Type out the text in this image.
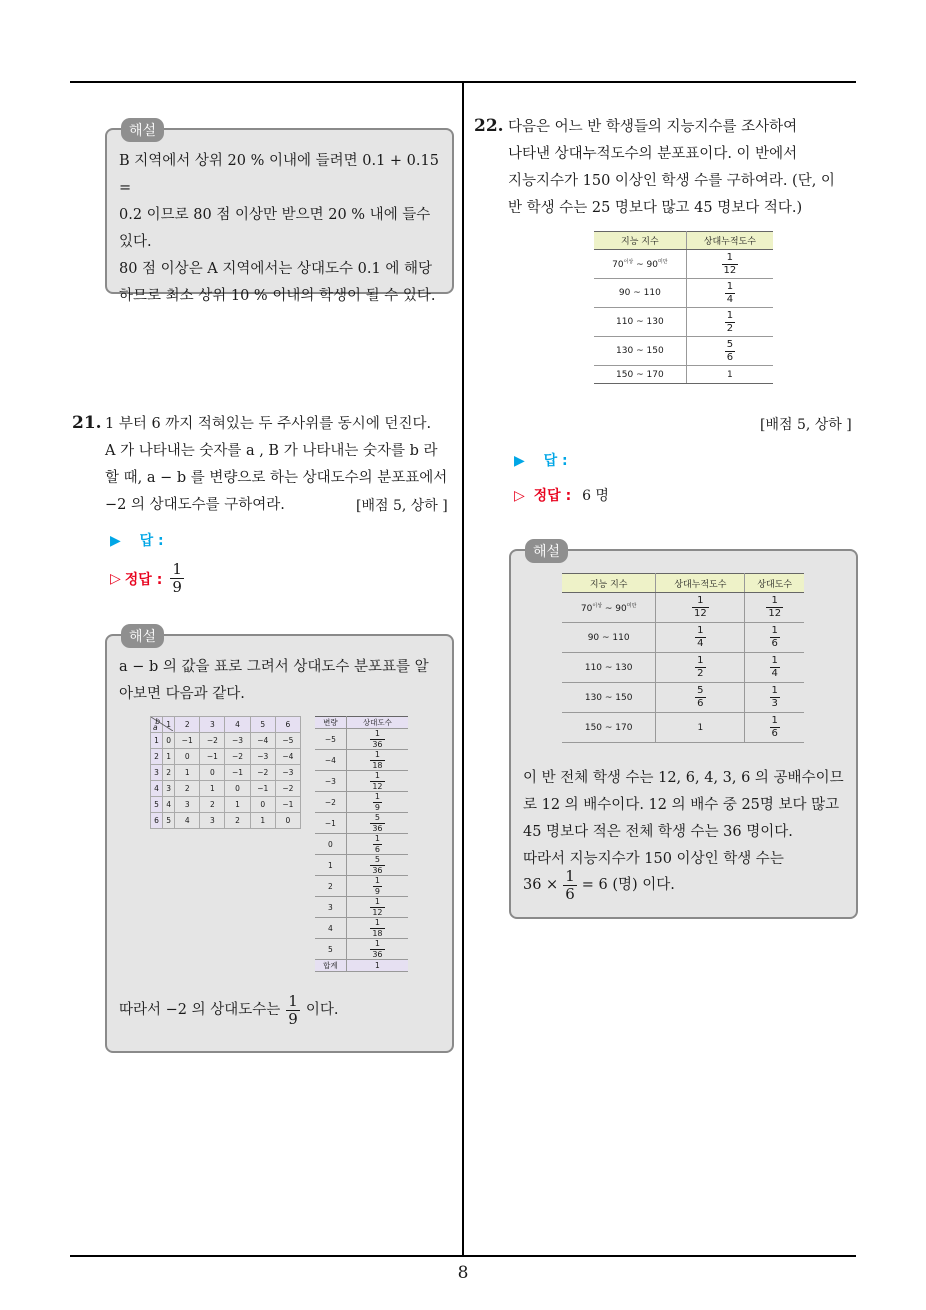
8
해설
B 지역에서 상위 20 % 이내에 들려면 0.1 + 0.15 =
0.2 이므로 80 점 이상만 받으면 20 % 내에 들수
있다.
80 점 이상은 A 지역에서는 상대도수 0.1 에 해당
하므로 최소 상위 10 % 이내의 학생이 될 수 있다.
21. 1 부터 6 까지 적혀있는 두 주사위를 동시에 던진다.
A 가 나타내는 숫자를 a , B 가 나타내는 숫자를 b 라
할 때, a − b 를 변량으로 하는 상대도수의 분포표에서
−2 의 상대도수를 구하여라.	[배점 5, 상하 ]
▶ 답 :
▷ 정답 : $\frac{1}{9}$
해설
a − b 의 값을 표로 그려서 상대도수 분포표를 알
아보면 다음과 같다.
따라서 −2 의 상대도수는 $\frac{1}{9}$ 이다.
a
b	1	2	3	4	5	6
1	0	−1	−2	−3	−4	−5
2	1	0	−1	−2	−3	−4
3	2	1	0	−1	−2	−3
4	3	2	1	0	−1	−2
5	4	3	2	1	0	−1
6	5	4	3	2	1	0
변량	상대도수
−5	$\frac{1}{36}$

−4	$\frac{1}{18}$

−3	$\frac{1}{12}$

−2	$\frac{1}{9}$

−1	$\frac{5}{36}$

0	$\frac{1}{6}$

1	$\frac{5}{36}$

2	$\frac{1}{9}$

3	$\frac{1}{12}$

4	$\frac{1}{18}$

5	$\frac{1}{36}$

합계	1
22. 다음은 어느 반 학생들의 지능지수를 조사하여
나타낸 상대누적도수의 분포표이다. 이 반에서
지능지수가 150 이상인 학생 수를 구하여라. (단, 이
반 학생 수는 25 명보다 많고 45 명보다 적다.)
지능 지수	상대누적도수
$70^{이상}$ ~ $90^{미만}$	$\frac{1}{12}$

90 ~ 110	$\frac{1}{4}$

110 ~ 130	$\frac{1}{2}$

130 ~ 150	$\frac{5}{6}$

150 ~ 170	1
[배점 5, 상하 ]
▶ 답 :
▷ 정답 : 6 명
해설
이 반 전체 학생 수는 12, 6, 4, 3, 6 의 공배수이므
로 12 의 배수이다. 12 의 배수 중 25명 보다 많고
45 명보다 적은 전체 학생 수는 36 명이다.
따라서 지능지수가 150 이상인 학생 수는
$36 \times \frac{1}{6} = 6$ (명) 이다.
지능 지수	상대누적도수	상대도수
$70^{이상}$ ~ $90^{미만}$	$\frac{1}{12}$	$\frac{1}{12}$

90 ~ 110	$\frac{1}{4}$	$\frac{1}{6}$

110 ~ 130	$\frac{1}{2}$	$\frac{1}{4}$

130 ~ 150	$\frac{5}{6}$	$\frac{1}{3}$

150 ~ 170	1	$\frac{1}{6}$
